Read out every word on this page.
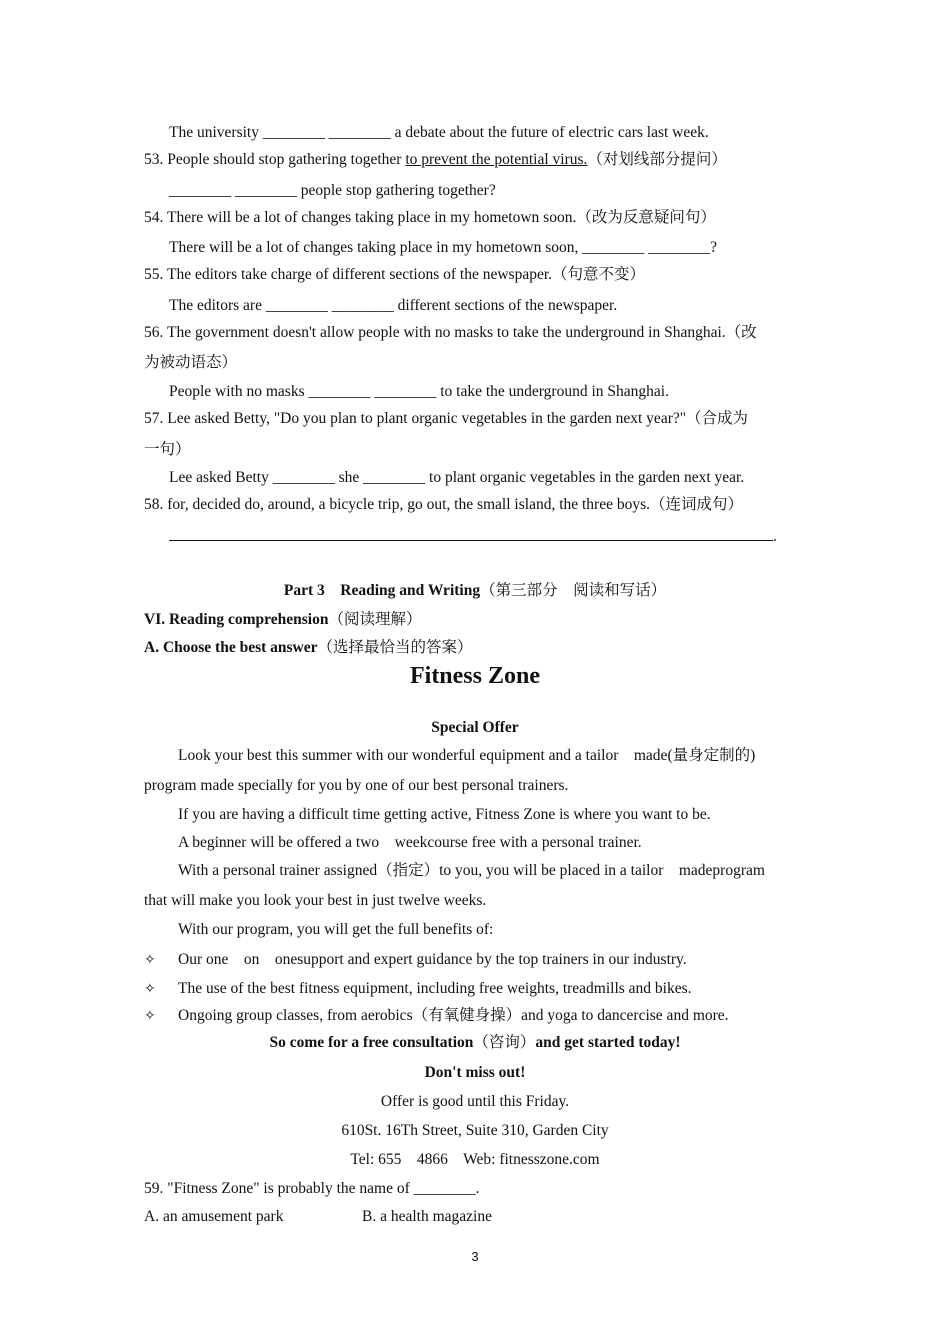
The university ________ ________ a debate about the future of electric cars last week.
53. People should stop gathering together to prevent the potential virus.（对划线部分提问）
________ ________ people stop gathering together?
54. There will be a lot of changes taking place in my hometown soon.（改为反意疑问句）
There will be a lot of changes taking place in my hometown soon, ________ ________?
55. The editors take charge of different sections of the newspaper.（句意不变）
The editors are ________ ________ different sections of the newspaper.
56. The government doesn't allow people with no masks to take the underground in Shanghai.（改
为被动语态）
People with no masks ________ ________ to take the underground in Shanghai.
57. Lee asked Betty, "Do you plan to plant organic vegetables in the garden next year?"（合成为
一句）
Lee asked Betty ________ she ________ to plant organic vegetables in the garden next year.
58. for, decided do, around, a bicycle trip, go out, the small island, the three boys.（连词成句）
.
Part 3    Reading and Writing（第三部分    阅读和写话）
VI. Reading comprehension（阅读理解）
A. Choose the best answer（选择最恰当的答案）
Fitness Zone
Special Offer
Look your best this summer with our wonderful equipment and a tailor    made(量身定制的)
program made specially for you by one of our best personal trainers.
If you are having a difficult time getting active, Fitness Zone is where you want to be.
A beginner will be offered a two    weekcourse free with a personal trainer.
With a personal trainer assigned（指定）to you, you will be placed in a tailor    madeprogram
that will make you look your best in just twelve weeks.
With our program, you will get the full benefits of:
✧ Our one    on    onesupport and expert guidance by the top trainers in our industry.
✧ The use of the best fitness equipment, including free weights, treadmills and bikes.
✧ Ongoing group classes, from aerobics（有氧健身操）and yoga to dancercise and more.
So come for a free consultation（咨询）and get started today!
Don't miss out!
Offer is good until this Friday.
610St. 16Th Street, Suite 310, Garden City
Tel: 655    4866    Web: fitnesszone.com
59. "Fitness Zone" is probably the name of ________.
A. an amusement park	B. a health magazine
3
